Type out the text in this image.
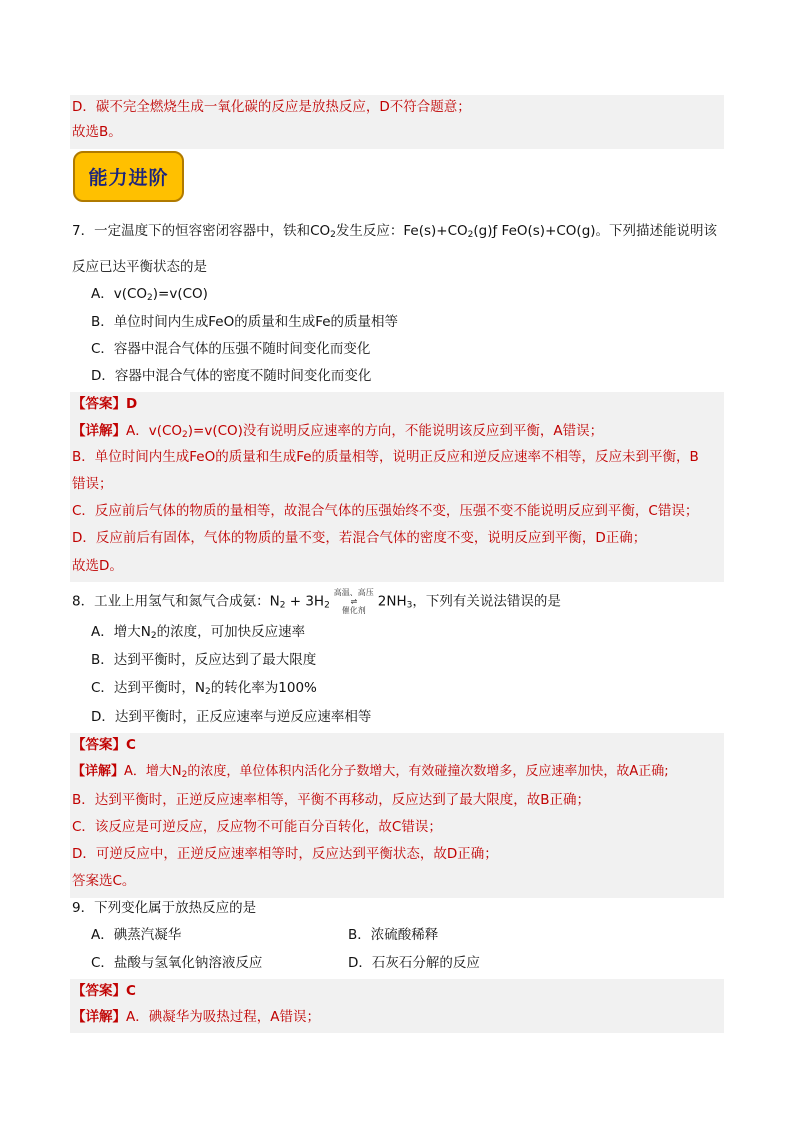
D．碳不完全燃烧生成一氧化碳的反应是放热反应，D不符合题意；
故选B。
能力进阶
7．一定温度下的恒容密闭容器中，铁和$CO_2$发生反应：$Fe(s)+CO_2(g)ƒ$ FeO(s)+CO(g)。下列描述能说明该
反应已达平衡状态的是
A．$v(CO_2)=v(CO)$
B．单位时间内生成FeO的质量和生成Fe的质量相等
C．容器中混合气体的压强不随时间变化而变化
D．容器中混合气体的密度不随时间变化而变化
【答案】D
【详解】A．$v(CO_2)=v(CO)$没有说明反应速率的方向，不能说明该反应到平衡，A错误；
B．单位时间内生成FeO的质量和生成Fe的质量相等，说明正反应和逆反应速率不相等，反应未到平衡，B
错误；
C．反应前后气体的物质的量相等，故混合气体的压强始终不变，压强不变不能说明反应到平衡，C错误；
D．反应前后有固体，气体的物质的量不变，若混合气体的密度不变，说明反应到平衡，D正确；
故选D。
8．工业上用氢气和氮气合成氨：$N_2 + 3H_2$高温、高压
⇌
催化剂$2NH_3$，下列有关说法错误的是
A．增大$N_2$的浓度，可加快反应速率
B．达到平衡时，反应达到了最大限度
C．达到平衡时，$N_2$的转化率为100%
D．达到平衡时，正反应速率与逆反应速率相等
【答案】C
【详解】A．增大$N_2$的浓度，单位体积内活化分子数增大，有效碰撞次数增多，反应速率加快，故A正确;
B．达到平衡时，正逆反应速率相等，平衡不再移动，反应达到了最大限度，故B正确；
C．该反应是可逆反应，反应物不可能百分百转化，故C错误；
D．可逆反应中，正逆反应速率相等时，反应达到平衡状态，故D正确；
答案选C。
9．下列变化属于放热反应的是
A．碘蒸汽凝华	B．浓硫酸稀释
C．盐酸与氢氧化钠溶液反应	D．石灰石分解的反应
【答案】C
【详解】A．碘凝华为吸热过程，A错误；
